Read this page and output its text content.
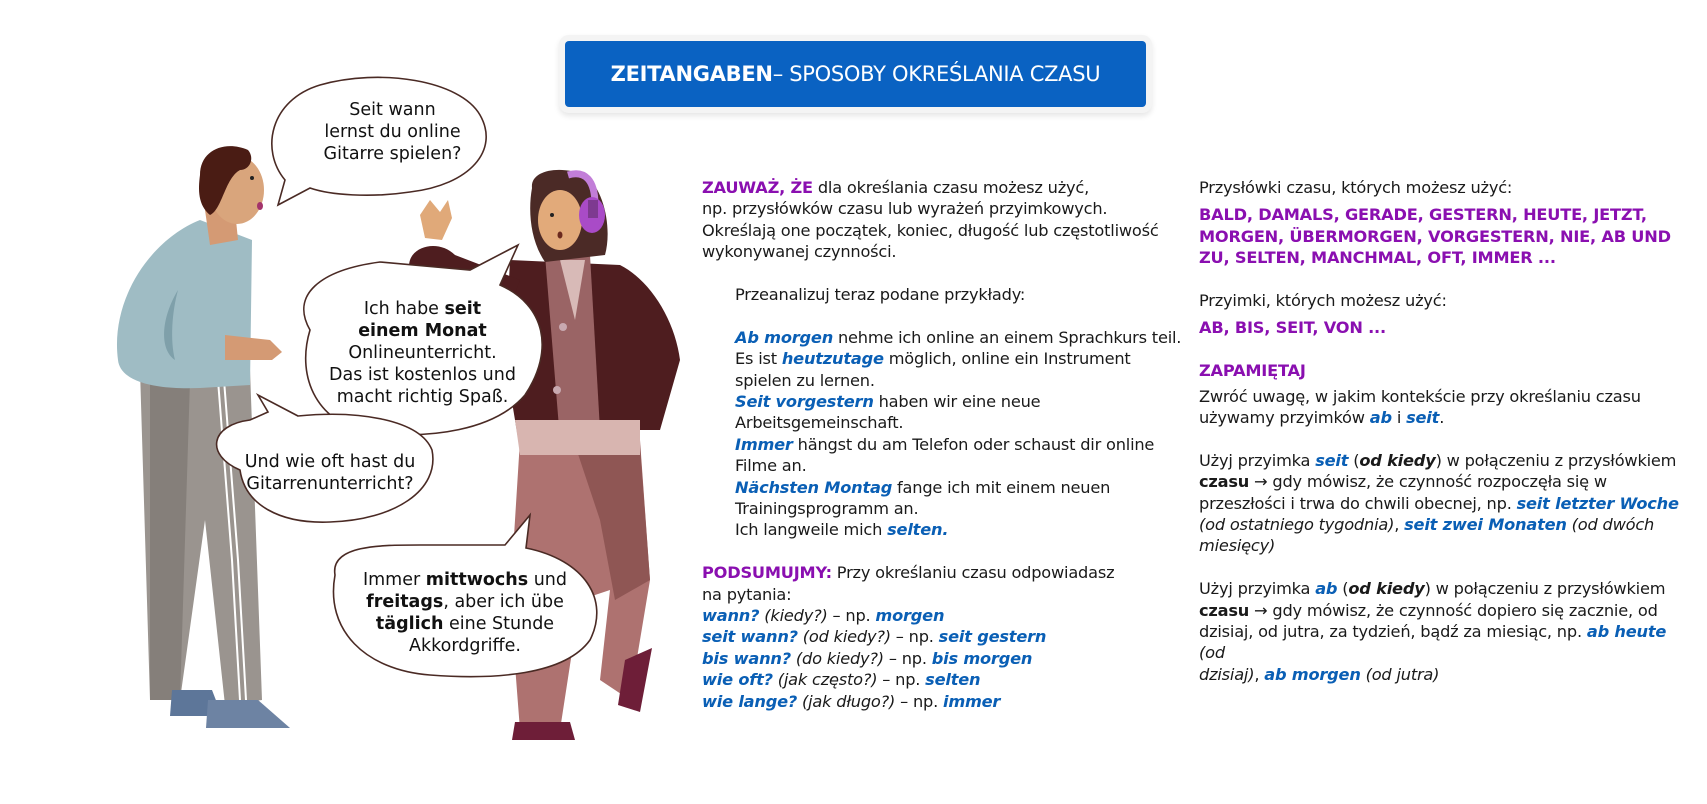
ZEITANGABEN – SPOSOBY OKREŚLANIA CZASU
Seit wann
lernst du online
Gitarre spielen?
Ich habe seit
einem Monat
Onlineunterricht.
Das ist kostenlos und
macht richtig Spaß.
Und wie oft hast du
Gitarrenunterricht?
Immer mittwochs und
freitags, aber ich übe
täglich eine Stunde
Akkordgriffe.

ZAUWAŻ, ŻE dla określania czasu możesz użyć,
np. przysłówków czasu lub wyrażeń przyimkowych.
Określają one początek, koniec, długość lub częstotliwość
wykonywanej czynności.

Przeanalizuj teraz podane przykłady:

Ab morgen nehme ich online an einem Sprachkurs teil.
Es ist heutzutage möglich, online ein Instrument
spielen zu lernen.
Seit vorgestern haben wir eine neue
Arbeitsgemeinschaft.
Immer hängst du am Telefon oder schaust dir online
Filme an.
Nächsten Montag fange ich mit einem neuen
Trainingsprogramm an.
Ich langweile mich selten.

PODSUMUJMY: Przy określaniu czasu odpowiadasz
na pytania:
wann? (kiedy?) – np. morgen
seit wann? (od kiedy?) – np. seit gestern
bis wann? (do kiedy?) – np. bis morgen
wie oft? (jak często?) – np. selten
wie lange? (jak długo?) – np. immer

Przysłówki czasu, których możesz użyć:

BALD, DAMALS, GERADE, GESTERN, HEUTE, JETZT,
MORGEN, ÜBERMORGEN, VORGESTERN, NIE, AB UND
ZU, SELTEN, MANCHMAL, OFT, IMMER ...

Przyimki, których możesz użyć:

AB, BIS, SEIT, VON ...
ZAPAMIĘTAJ

Zwróć uwagę, w jakim kontekście przy określaniu czasu
używamy przyimków ab i seit.

Użyj przyimka seit (od kiedy) w połączeniu z przysłówkiem
czasu → gdy mówisz, że czynność rozpoczęła się w
przeszłości i trwa do chwili obecnej, np. seit letzter Woche
(od ostatniego tygodnia), seit zwei Monaten (od dwóch
miesięcy)

Użyj przyimka ab (od kiedy) w połączeniu z przysłówkiem
czasu → gdy mówisz, że czynność dopiero się zacznie, od
dzisiaj, od jutra, za tydzień, bądź za miesiąc, np. ab heute (od
dzisiaj), ab morgen (od jutra)
